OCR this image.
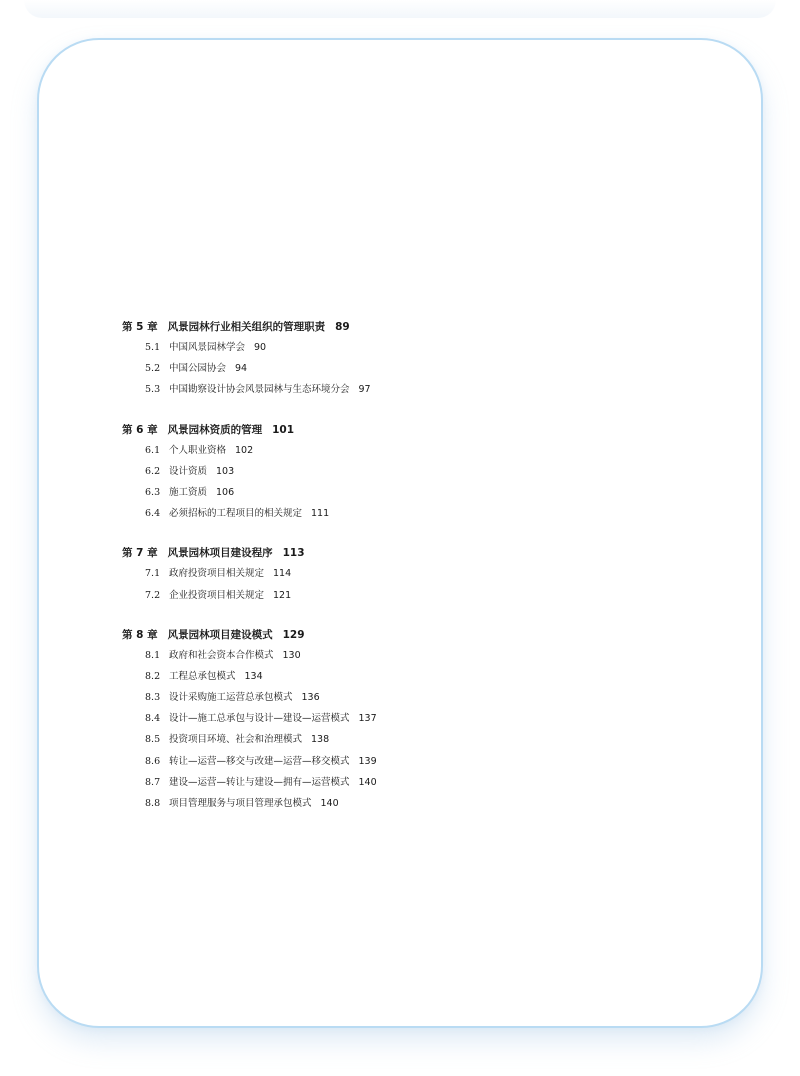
第 5 章 风景园林行业相关组织的管理职责 89
5.1 中国风景园林学会 90
5.2 中国公园协会 94
5.3 中国勘察设计协会风景园林与生态环境分会 97
第 6 章 风景园林资质的管理 101
6.1 个人职业资格 102
6.2 设计资质 103
6.3 施工资质 106
6.4 必须招标的工程项目的相关规定 111
第 7 章 风景园林项目建设程序 113
7.1 政府投资项目相关规定 114
7.2 企业投资项目相关规定 121
第 8 章 风景园林项目建设模式 129
8.1 政府和社会资本合作模式 130
8.2 工程总承包模式 134
8.3 设计采购施工运营总承包模式 136
8.4 设计—施工总承包与设计—建设—运营模式 137
8.5 投资项目环境、社会和治理模式 138
8.6 转让—运营—移交与改建—运营—移交模式 139
8.7 建设—运营—转让与建设—拥有—运营模式 140
8.8 项目管理服务与项目管理承包模式 140
